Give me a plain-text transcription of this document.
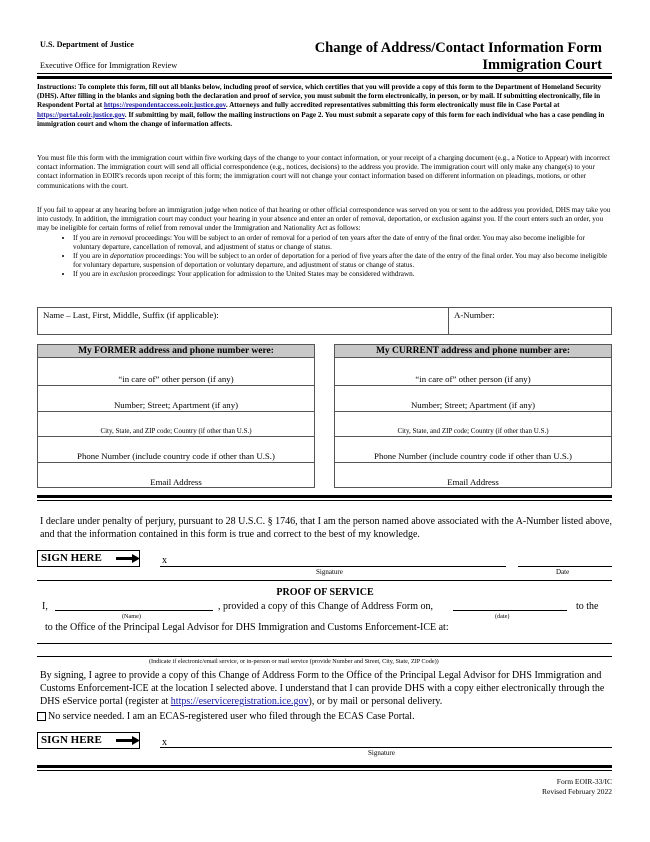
U.S. Department of Justice
Executive Office for Immigration Review
Change of Address/Contact Information Form
Immigration Court
Instructions: To complete this form, fill out all blanks below, including proof of service, which certifies that you will provide a copy of this form to the Department of Homeland Security (DHS). After filling in the blanks and signing both the declaration and proof of service, you must submit the form electronically, in person, or by mail. If submitting electronically, file in Respondent Portal at https://respondentaccess.eoir.justice.gov. Attorneys and fully accredited representatives submitting this form electronically must file in Case Portal at https://portal.eoir.justice.gov. If submitting by mail, follow the mailing instructions on Page 2. You must submit a separate copy of this form for each individual who has a case pending in immigration court and whom the change of information affects.
You must file this form with the immigration court within five working days of the change to your contact information, or your receipt of a charging document (e.g., a Notice to Appear) with incorrect contact information. The immigration court will send all official correspondence (e.g., notices, decisions) to the address you provide. The immigration court will only make any change(s) to your contact information in EOIR's records upon receipt of this form; the immigration court will not change your contact information based on different information on pleadings, motions, or other communications with the court.
If you fail to appear at any hearing before an immigration judge when notice of that hearing or other official correspondence was served on you or sent to the address you provided, DHS may take you into custody. In addition, the immigration court may conduct your hearing in your absence and enter an order of removal, deportation, or exclusion against you. If the court enters such an order, you may be ineligible for certain forms of relief from removal under the Immigration and Nationality Act as follows:
• If you are in removal proceedings: You will be subject to an order of removal for a period of ten years after the date of entry of the final order. You may also become ineligible for voluntary departure, cancellation of removal, and adjustment of status or change of status.
• If you are in deportation proceedings: You will be subject to an order of deportation for a period of five years after the date of the entry of the final order. You may also become ineligible for voluntary departure, suspension of deportation or voluntary departure, and adjustment of status or change of status.
• If you are in exclusion proceedings: Your application for admission to the United States may be considered withdrawn.
Name – Last, First, Middle, Suffix (if applicable):	A-Number:
My FORMER address and phone number were:
“in care of” other person (if any)
Number; Street; Apartment (if any)
City, State, and ZIP code; Country (if other than U.S.)
Phone Number (include country code if other than U.S.)
Email Address
My CURRENT address and phone number are:
“in care of” other person (if any)
Number; Street; Apartment (if any)
City, State, and ZIP code; Country (if other than U.S.)
Phone Number (include country code if other than U.S.)
Email Address
I declare under penalty of perjury, pursuant to 28 U.S.C. § 1746, that I am the person named above associated with the A-Number listed above, and that the information contained in this form is true and correct to the best of my knowledge.
SIGN HERE	x
Signature	Date
PROOF OF SERVICE
I,	, provided a copy of this Change of Address Form on,	to the
(Name)	(date)
to the Office of the Principal Legal Advisor for DHS Immigration and Customs Enforcement-ICE at:
(Indicate if electronic/email service, or in-person or mail service (provide Number and Street, City, State, ZIP Code))
By signing, I agree to provide a copy of this Change of Address Form to the Office of the Principal Legal Advisor for DHS Immigration and Customs Enforcement-ICE at the location I selected above. I understand that I can provide DHS with a copy either electronically through the DHS eService portal (register at https://eserviceregistration.ice.gov), or by mail or personal delivery.
No service needed. I am an ECAS-registered user who filed through the ECAS Case Portal.
SIGN HERE	x
Signature
Form EOIR-33/IC
Revised February 2022
